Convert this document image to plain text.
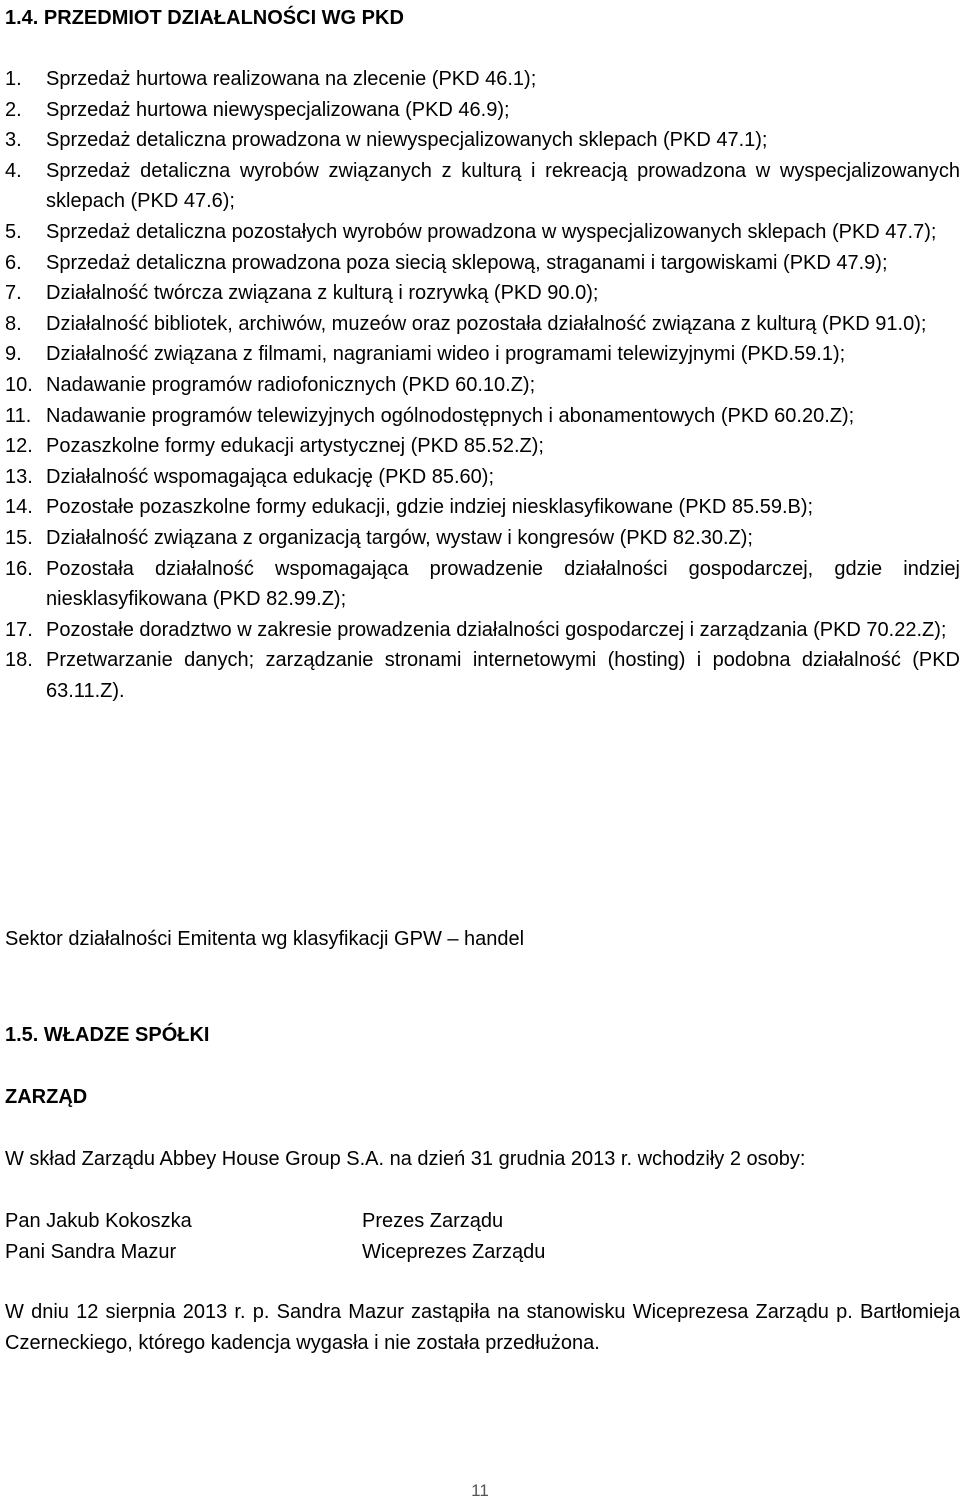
1.4. PRZEDMIOT DZIAŁALNOŚCI WG PKD
1.	Sprzedaż hurtowa realizowana na zlecenie (PKD 46.1);
2.	Sprzedaż hurtowa niewyspecjalizowana (PKD 46.9);
3.	Sprzedaż detaliczna prowadzona w niewyspecjalizowanych sklepach (PKD 47.1);
4.	Sprzedaż detaliczna wyrobów związanych z kulturą i rekreacją prowadzona w wyspecjalizowanych sklepach (PKD 47.6);
5.	Sprzedaż detaliczna pozostałych wyrobów prowadzona w wyspecjalizowanych sklepach (PKD 47.7);
6.	Sprzedaż detaliczna prowadzona poza siecią sklepową, straganami i targowiskami (PKD 47.9);
7.	Działalność twórcza związana z kulturą i rozrywką (PKD 90.0);
8.	Działalność bibliotek, archiwów, muzeów oraz pozostała działalność związana z kulturą (PKD 91.0);
9.	Działalność związana z filmami, nagraniami wideo i programami telewizyjnymi (PKD.59.1);
10. Nadawanie programów radiofonicznych (PKD 60.10.Z);
11. Nadawanie programów telewizyjnych ogólnodostępnych i abonamentowych (PKD 60.20.Z);
12. Pozaszkolne formy edukacji artystycznej (PKD 85.52.Z);
13. Działalność wspomagająca edukację (PKD 85.60);
14. Pozostałe pozaszkolne formy edukacji, gdzie indziej niesklasyfikowane (PKD 85.59.B);
15. Działalność związana z organizacją targów, wystaw i kongresów (PKD 82.30.Z);
16. Pozostała działalność wspomagająca prowadzenie działalności gospodarczej, gdzie indziej niesklasyfikowana (PKD 82.99.Z);
17. Pozostałe doradztwo w zakresie prowadzenia działalności gospodarczej i zarządzania (PKD 70.22.Z);
18. Przetwarzanie danych; zarządzanie stronami internetowymi (hosting) i podobna działalność (PKD 63.11.Z).

Sektor działalności Emitenta wg klasyfikacji GPW – handel

1.5. WŁADZE SPÓŁKI

ZARZĄD

W skład Zarządu Abbey House Group S.A. na dzień 31 grudnia 2013 r. wchodziły 2 osoby:

Pan Jakub Kokoszka	Prezes Zarządu
Pani Sandra Mazur	Wiceprezes Zarządu

W dniu 12 sierpnia 2013 r. p. Sandra Mazur zastąpiła na stanowisku Wiceprezesa Zarządu p. Bartłomieja Czerneckiego, którego kadencja wygasła i nie została przedłużona.

11
